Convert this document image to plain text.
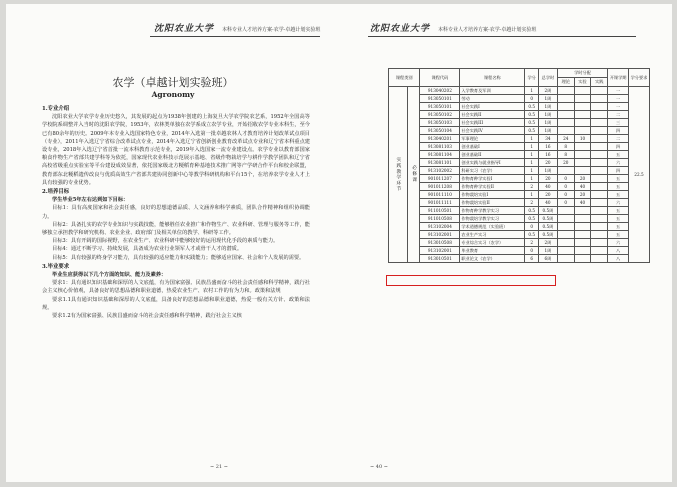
沈阳农业大学 本科专业人才培养方案-农学-卓越计划实验班
农学（卓越计划实验班）
Agronomy
1.专业介绍

沈阳农业大学农学专业历史悠久，其发展的起点为1938年创建的上海复旦大学农学院农艺系，1952年全国高等学校院系调整并入当时的沈阳农学院，1953年，农林类单独在农学系成立农学专业，开始招收农学专业本科生，至今已有80余年的历史。2009年本专业入选国家特色专业，2014年入选第一批卓越农林人才教育培养计划改革试点项目（专业），2011年入选辽宁省综合改革试点专业，2014年入选辽宁省创新创业教育改革试点专业和辽宁省本科重点建设专业，2018年入选辽宁省首批一流本科教育示范专业，2019年入选国家一流专业建设点。农学专业以教育部国家粮食作物生产省部共建学科等为依托，国家现代农业科技示范展示基地、省级作物栽培学与耕作学教学团队和辽宁省高校省级重点实验室等平台建设成效显著，依托国家级北方粳稻育种基地技术推广网等产学研合作平台和校企联盟，教育部东北粳稻遗传改良与优质高效生产省部共建协同创新中心等教学科研机构和平台15个，在培养农学专业人才上具有较强的专业优势。

2.培养目标

学生毕业5年左右达到如下目标：

目标1：具有高度国家和社会责任感，良好的思想道德品质、人文涵养和科学素质，团队合作精神和组织协调能力。

目标2：具备扎实的农学专业知识与实践技能，能够胜任农业推广和作物生产、农业科研、管理与服务等工作，能够独立承担教学和研究机构、农业企业、政府部门及相关单位的教学、科研等工作。

目标3：具有开阔的国际视野，在农业生产、农业科研中能够较好的运用现代化手段的素质与能力。

目标4：通过不断学习、持续发展，具备成为农业行业领军人才或骨干人才的潜质。

目标5：具有较强的终身学习能力，具有较强的适应能力和实践能力；能够适应国家、社会和个人发展的需要。

3.毕业要求

毕业生应获得以下几个方面的知识、能力及素养：

要求1：具有通识知识基础和深厚的人文底蕴，有为国家富强、民族昌盛而奋斗的社会责任感和科学精神，践行社会主义核心价值观，具备良好的思想品德和职业道德，热爱农业生产、农村工作的有为力和。政策和法规

要求1.1具有通识知识基础和深厚的人文底蕴，具备良好的思想品德和职业道德，热爱一般有关方针、政策和法规。

要求1.2有为国家富强、民族昌盛而奋斗的社会责任感和科学精神，践行社会主义核

~ 21 ~
沈阳农业大学 本科专业人才培养方案-农学-卓越计划实验班
课程类别		课程代码	课程名称	学分	总学时	学时分配			开课学期	学分要求
						理论	实验	实践		
实践教学环节	必修课	913040202	入学教育及军训	1	2周				一	22.5
		913050101	劳动	0	1周				一	
		913050101	社会实践I	0.5	1周				一	
		913050102	社会实践II	0.5	1周				二	
		913050103	社会实践III	0.5	1周				三	
		913050104	社会实践IV	0.5	1周				四	
		913040201	军事理论	1	34	24	10		二	
		913081103	创业基础I	1	16	8			四	
		913081104	创业基础II	1	16	8			五	
		913081101	创业实践与就业指导I	1	20	20			六	
		913102002	科研实习（农学）	1	1周				四	
		901011207	作物育种学实验I	1	20	0	20		五	
		901011208	作物育种学实验II	2	40	0	40		五	
		901011110	作物栽培实验I	1	20	0	20		五	
		901011111	作物栽培实验II	2	40	0	40		六	
		911010501	作物育种学教学实习	0.5	0.5周				五	
		911010508	作物栽培学教学实习	0.5	0.5周				五	
		913102004	学术道德规范（实验班）	0	0.5周				五	
		913102001	农业生产实习	0.5	0.5周				五	
		913010508	专业综合实习（农学）	2	2周				六	
		913102001	毕业教育	0	1周				八	
		913010501	职业论文（农学）	6	6周				八	
~ 40 ~
